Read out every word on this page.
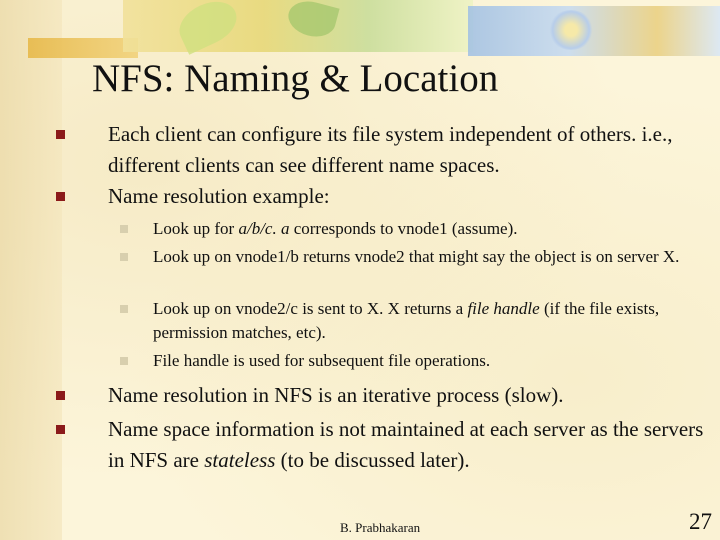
NFS: Naming & Location
Each client can configure its file system independent of others. i.e., different clients can see different name spaces.
Name resolution example:
Look up for a/b/c. a corresponds to vnode1 (assume).
Look up on vnode1/b returns vnode2 that might say the object is on server X.
Look up on vnode2/c is sent to X. X returns a file handle (if the file exists, permission matches, etc).
File handle is used for subsequent file operations.
Name resolution in NFS is an iterative process (slow).
Name space information is not maintained at each server as the servers in NFS are stateless (to be discussed later).
B. Prabhakaran	27
